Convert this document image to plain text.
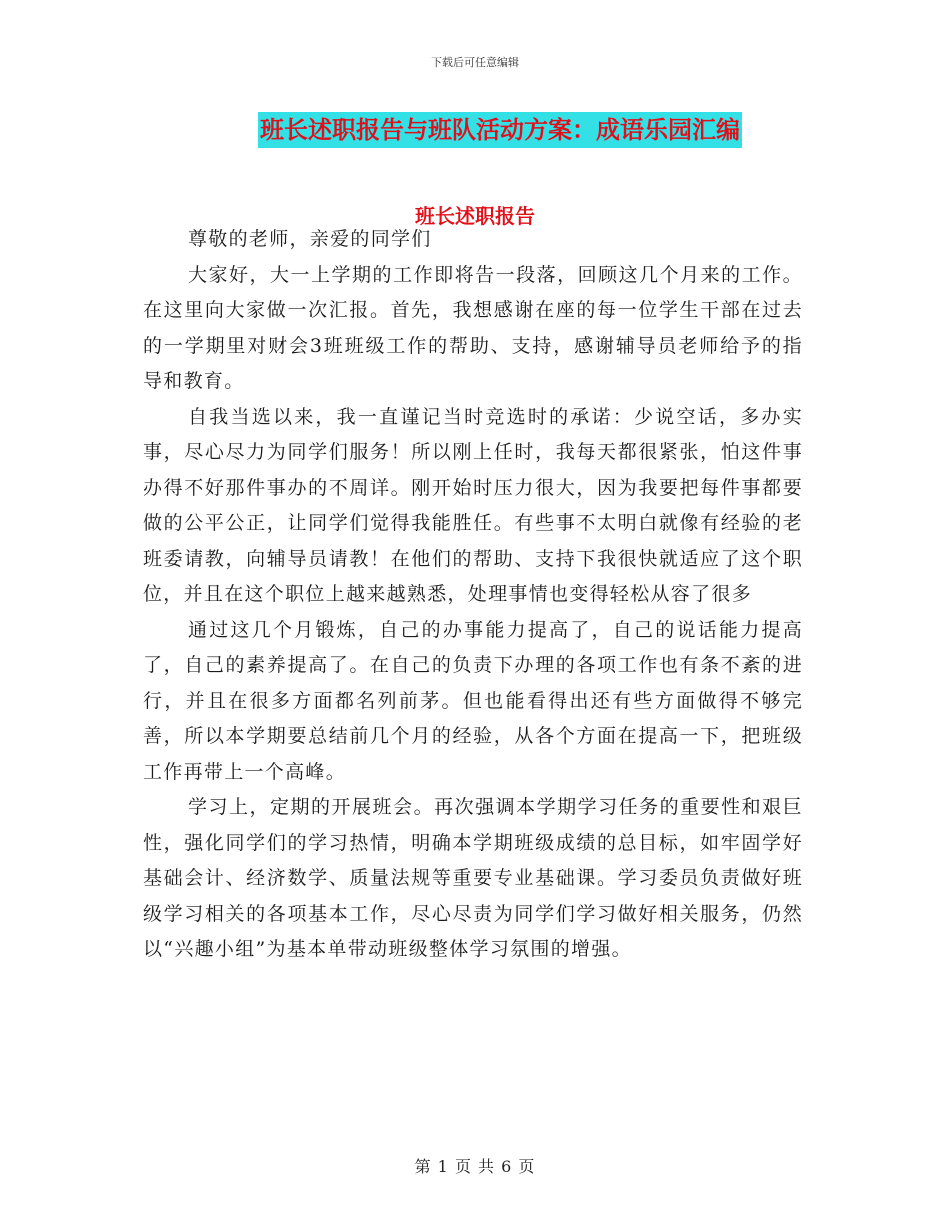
下载后可任意编辑
班长述职报告与班队活动方案：成语乐园汇编
班长述职报告

尊敬的老师，亲爱的同学们

大家好，大一上学期的工作即将告一段落，回顾这几个月来的工作。在这里向大家做一次汇报。首先，我想感谢在座的每一位学生干部在过去的一学期里对财会3班班级工作的帮助、支持，感谢辅导员老师给予的指导和教育。

自我当选以来，我一直谨记当时竞选时的承诺：少说空话，多办实事，尽心尽力为同学们服务！所以刚上任时，我每天都很紧张，怕这件事办得不好那件事办的不周详。刚开始时压力很大，因为我要把每件事都要做的公平公正，让同学们觉得我能胜任。有些事不太明白就像有经验的老班委请教，向辅导员请教！在他们的帮助、支持下我很快就适应了这个职位，并且在这个职位上越来越熟悉，处理事情也变得轻松从容了很多

通过这几个月锻炼，自己的办事能力提高了，自己的说话能力提高了，自己的素养提高了。在自己的负责下办理的各项工作也有条不紊的进行，并且在很多方面都名列前茅。但也能看得出还有些方面做得不够完善，所以本学期要总结前几个月的经验，从各个方面在提高一下，把班级工作再带上一个高峰。

学习上，定期的开展班会。再次强调本学期学习任务的重要性和艰巨性，强化同学们的学习热情，明确本学期班级成绩的总目标，如牢固学好基础会计、经济数学、质量法规等重要专业基础课。学习委员负责做好班级学习相关的各项基本工作，尽心尽责为同学们学习做好相关服务，仍然以“兴趣小组”为基本单带动班级整体学习氛围的增强。

第 1 页 共 6 页
